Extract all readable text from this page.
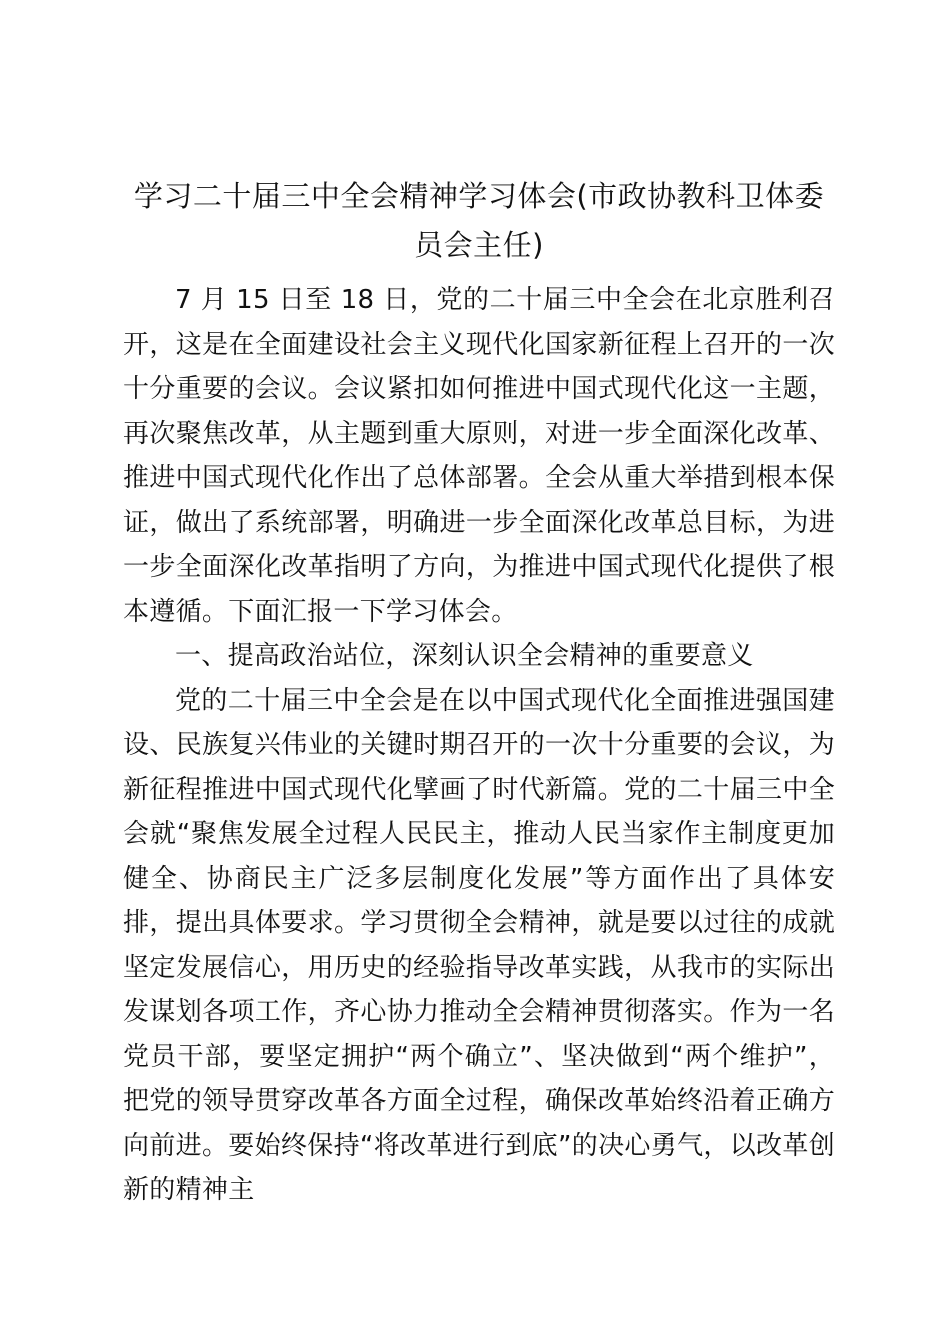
学习二十届三中全会精神学习体会(市政协教科卫体委员会主任)

7 月 15 日至 18 日，党的二十届三中全会在北京胜利召开，这是在全面建设社会主义现代化国家新征程上召开的一次十分重要的会议。会议紧扣如何推进中国式现代化这一主题，再次聚焦改革，从主题到重大原则，对进一步全面深化改革、推进中国式现代化作出了总体部署。全会从重大举措到根本保证，做出了系统部署，明确进一步全面深化改革总目标，为进一步全面深化改革指明了方向，为推进中国式现代化提供了根本遵循。下面汇报一下学习体会。

一、提高政治站位，深刻认识全会精神的重要意义

党的二十届三中全会是在以中国式现代化全面推进强国建设、民族复兴伟业的关键时期召开的一次十分重要的会议，为新征程推进中国式现代化擘画了时代新篇。党的二十届三中全会就“聚焦发展全过程人民民主，推动人民当家作主制度更加健全、协商民主广泛多层制度化发展”等方面作出了具体安排，提出具体要求。学习贯彻全会精神，就是要以过往的成就坚定发展信心，用历史的经验指导改革实践，从我市的实际出发谋划各项工作，齐心协力推动全会精神贯彻落实。作为一名党员干部，要坚定拥护“两个确立”、坚决做到“两个维护”，把党的领导贯穿改革各方面全过程，确保改革始终沿着正确方向前进。要始终保持“将改革进行到底”的决心勇气，以改革创新的精神主
